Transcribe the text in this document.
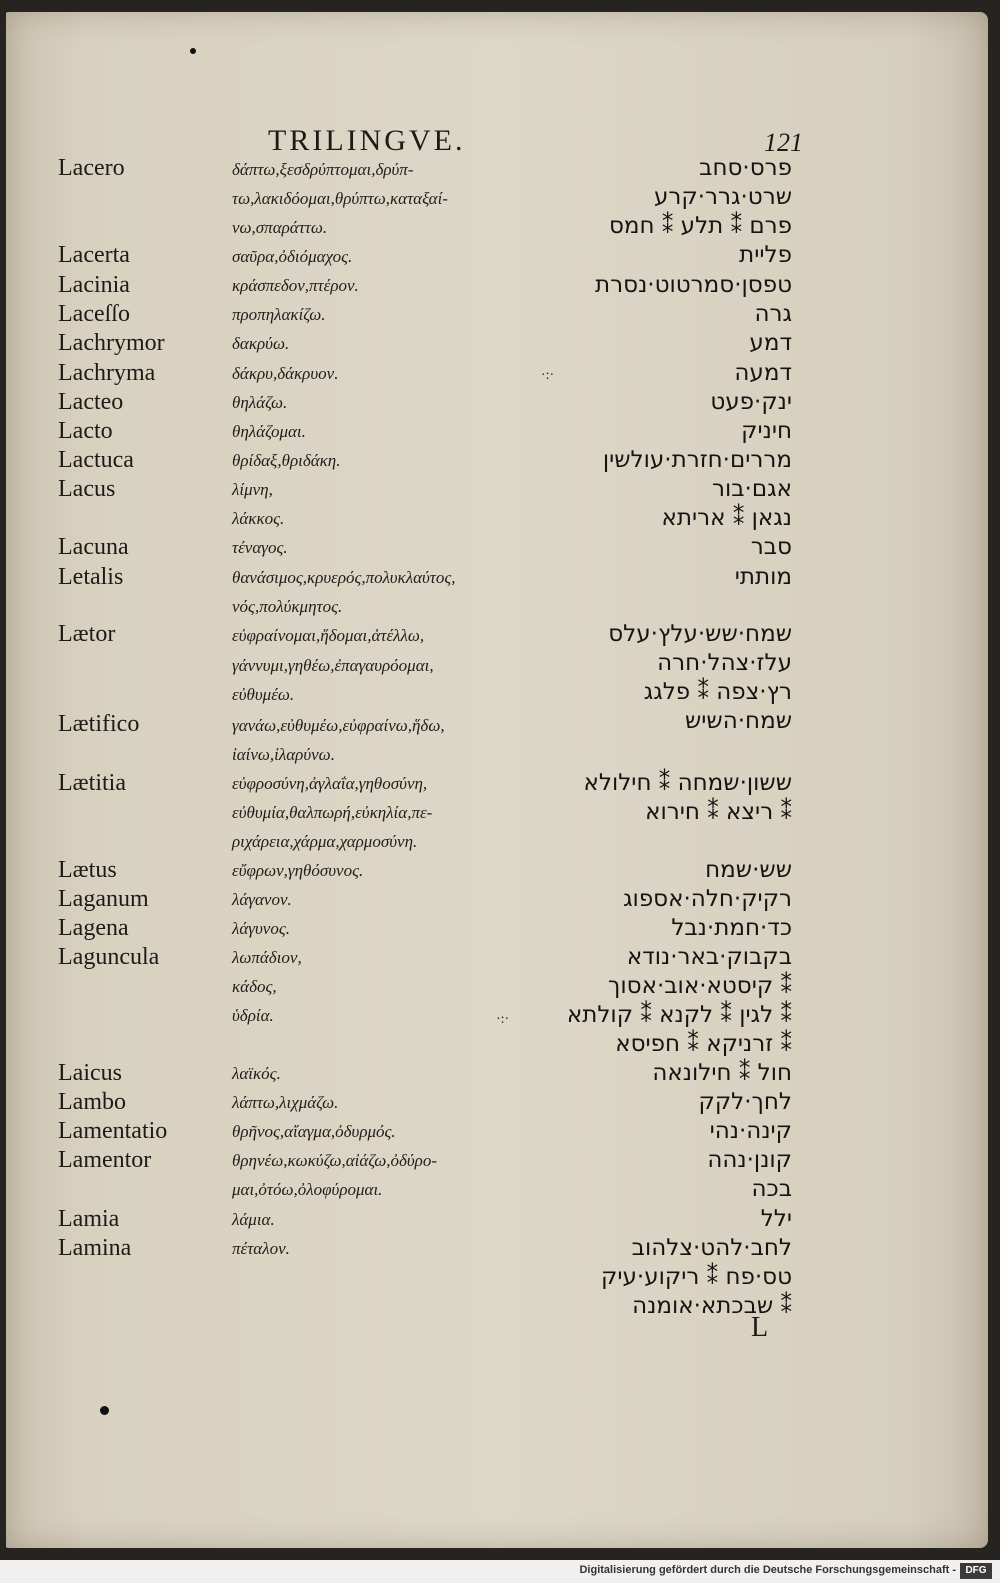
TRILINGVE.	121
Lacero
Lacerta
Lacinia
Laceſſo
Lachrymor
Lachryma
Lacteo
Lacto
Lactuca
Lacus
Lacuna
Letalis
Lætor
Lætifico
Lætitia
Lætus
Laganum
Lagena
Laguncula
Laicus
Lambo
Lamentatio
Lamentor
Lamia
Lamina
δάπτω,ξεσδρύπτομαι,δρύπ-
τω,λακιδόομαι,θρύπτω,καταξαί-
νω,σπαράττω.
σαῦρα,ὀδιόμαχος.
κράσπεδον,πτέρον.
προπηλακίζω.
δακρύω.
δάκρυ,δάκρυον.
θηλάζω.
θηλάζομαι.
θρίδαξ,θριδάκη.
λίμνη,
λάκκος.
τέναγος.
θανάσιμος,κρυερός,πολυκλαύτος,
νός,πολύκμητος.
εὐφραίνομαι,ἥδομαι,ἀτέλλω,
γάννυμι,γηθέω,ἐπαγαυρόομαι,
εὐθυμέω.
γανάω,εὐθυμέω,εὐφραίνω,ἥδω,
ἰαίνω,ἱλαρύνω.
εὐφροσύνη,ἀγλαΐα,γηθοσύνη,
εὐθυμία,θαλπωρή,εὐκηλία,πε-
ριχάρεια,χάρμα,χαρμοσύνη.
εὔφρων,γηθόσυνος.
λάγανον.
λάγυνος.
λωπάδιον,
κάδος,
ὑδρία.
λαϊκός.
λάπτω,λιχμάζω.
θρῆνος,αἴαγμα,ὀδυρμός.
θρηνέω,κωκύζω,αἰάζω,ὀδύρο-
μαι,ὀτόω,ὀλοφύρομαι.
λάμια.
πέταλον.
פרס·סחב
שרט·גרר·קרע
פרם ⁑ תלע ⁑ חמס
פליית
טפסן·סמרטוט·נסרת
גרה
דמע
דמעה
ינק·פעט
חיניק
מררים·חזרת·עולשין
אגם·בור
נגאן ⁑ אריתא
סבר
מותתי
שמח·שש·עלץ·עלס
עלז·צהל·חרה
רץ·צפה ⁑ פלגג
שמח·השיש
ששון·שמחה ⁑ חילולא
⁑ ריצא ⁑ חירוא
שש·שמח
רקיק·חלה·אספוג
כד·חמת·נבל
בקבוק·באר·נודא
⁑ קיסטא·אוב·אסוך
⁑ לגין ⁑ לקנא ⁑ קולתא
⁑ זרניקא ⁑ חפיסא
חול ⁑ חילונאה
לחך·לקק
קינה·נהי
קונן·נהה
בכה
ילל
לחב·להט·צלהוב
טס·פח ⁑ ריקוע·עיק
⁑ שבכתא·אומנה
·:·
·:·
L
Digitalisierung gefördert durch die Deutsche Forschungsgemeinschaft - DFG
